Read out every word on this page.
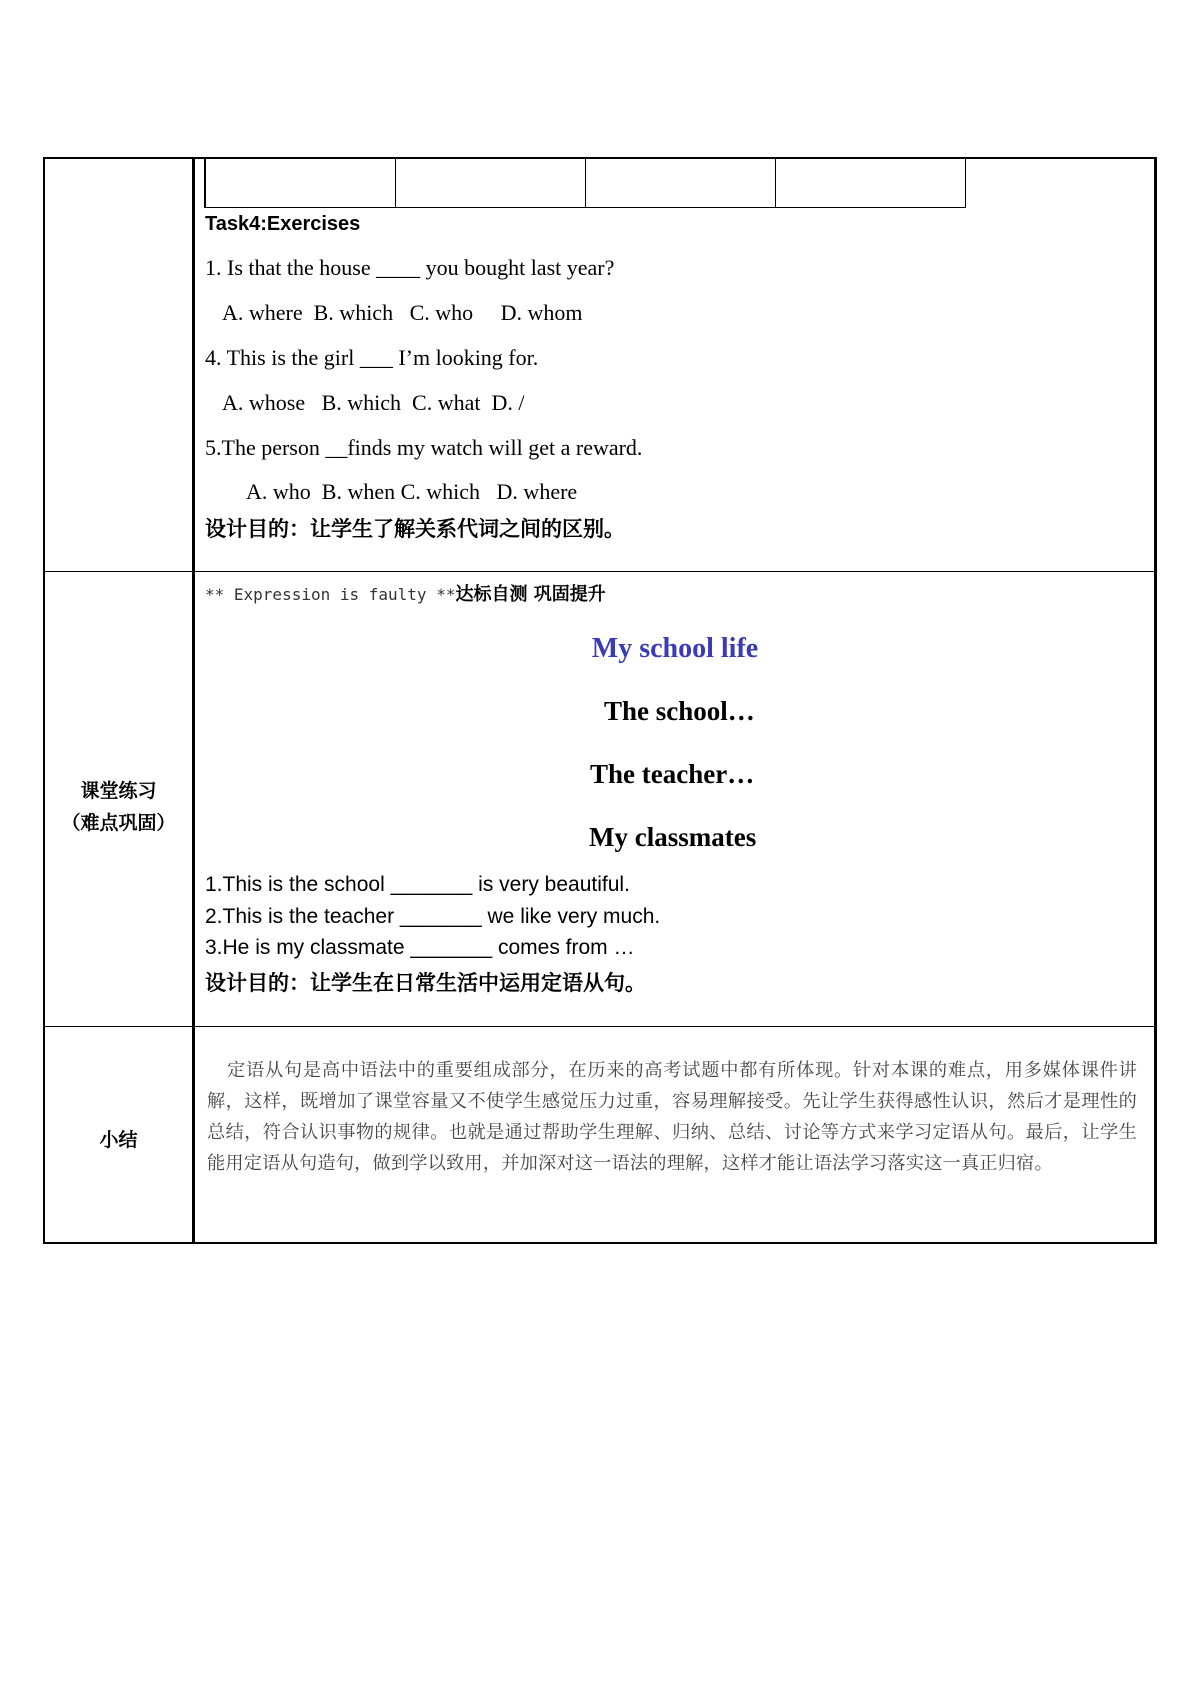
Task4:Exercises
1. Is that the house ____ you bought last year?
A. where  B. which   C. who     D. whom
4. This is the girl ___ I’m looking for.
A. whose   B. which  C. what  D. /
5.The person __finds my watch will get a reward.
A. who  B. when C. which   D. where
设计目的：让学生了解关系代词之间的区别。
课堂练习
（难点巩固）
** Expression is faulty **达标自测 巩固提升
My school life
The school…
The teacher…
My classmates
1.This is the school _______ is very beautiful.
2.This is the teacher _______ we like very much.
3.He is my classmate _______ comes from …
设计目的：让学生在日常生活中运用定语从句。
小结
定语从句是高中语法中的重要组成部分，在历来的高考试题中都有所体现。针对本课的难点，用多媒体课件讲解，这样，既增加了课堂容量又不使学生感觉压力过重，容易理解接受。先让学生获得感性认识，然后才是理性的总结，符合认识事物的规律。也就是通过帮助学生理解、归纳、总结、讨论等方式来学习定语从句。最后，让学生能用定语从句造句，做到学以致用，并加深对这一语法的理解，这样才能让语法学习落实这一真正归宿。
